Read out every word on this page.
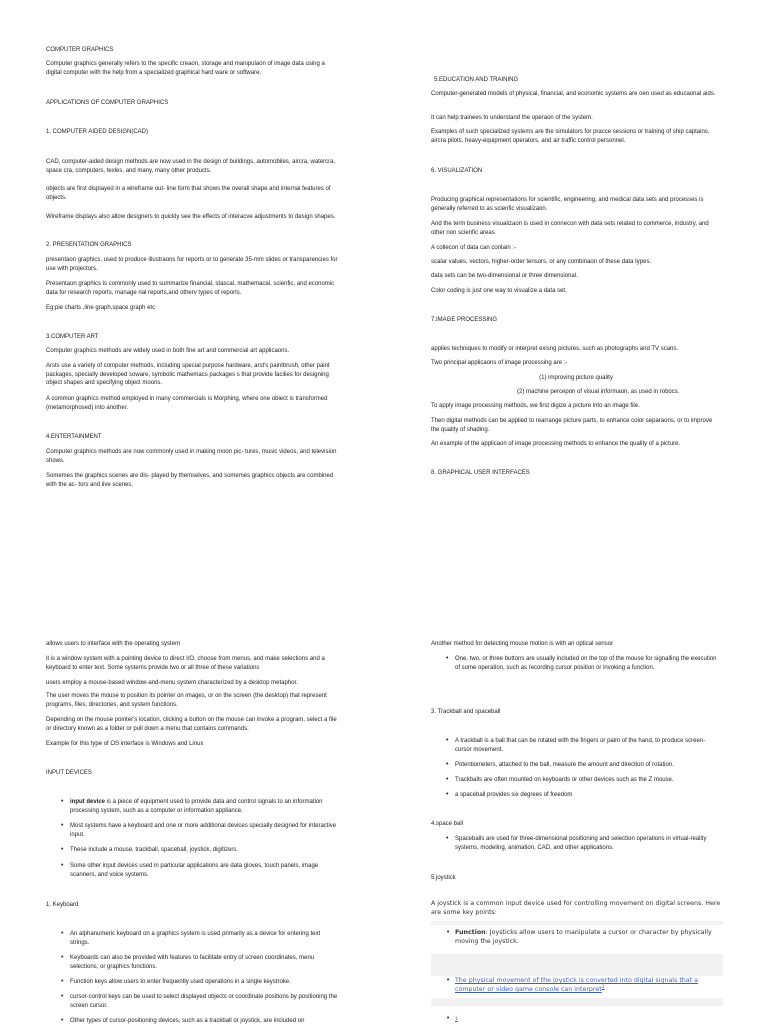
COMPUTER GRAPHICS
Computer graphics generally refers to the specific creaon, storage and manipulaon of image data using a digital computer with the help from a specialized graphical hard ware or software.
APPLICATIONS OF COMPUTER GRAPHICS
1. COMPUTER AIDED DESIGN(CAD)
CAD, computer-aided design methods are now used in the design of buildings, automobiles, aircra, watercra, space cra, computers, texles, and many, many other products.
objects are first displayed in a wireframe out- line form that shows the overall shape and internal features of objects.
Wireframe displays also allow designers to quickly see the effects of interacve adjustments to design shapes.
2. PRESENTATION GRAPHICS
presentaon graphics, used to produce illustraons for reports or to generate 35-mm slides or transparencies for use with projectors.
Presentaon graphics is commonly used to summarize financial, stascal, mathemacal, scienfic, and economic data for research reports, manage rial reports,and otherv types of reports.
Eg:pie charts ,line graph,space graph etc
3.COMPUTER ART
Computer graphics methods are widely used in both fine art and commercial art applicaons.
Arsts use a variety of computer methods, including special purpose hardware, arst's paintbrush, other paint packages, specially developed soware, symbolic mathemacs packages s that provide facilies for designing object shapes and specifying object moons.
A common graphics method employed in many commercials is Morphing, where one obiect is transformed (metamorphosed) into another.
4.ENTERTAINMENT
Computer graphics methods are now commonly used in making moon pic- tures, music videos, and television shows.
Somemes the graphics scenes are dis- played by themselves, and somemes graphics objects are combined with the ac- tors and live scenes.
5.EDUCATION AND TRAINING
Computer-generated models of physical, financial, and economic systems are oen used as educaonal aids.
It can help trainees to understand the operaon of the system.
Examples of such specialized systems are the simulators for pracce sessions or training of ship captains, aircra pilots, heavy-equipment operators, and air traffic control personnel.
6. VISUALIZATION
Producing graphical representations for scientific, engineering, and medical data sets and processes is generally referred to as scienfic visualizaon.
And the term business visualizaon is used in connecon with data sets related to commerce, industry, and other non scienfic areas
A collecon of data can contain :-
scalar values, vectors, higher-order tensors, or any combinaon of these data types.
data sets can be two-dimensional or three dimensional.
Color coding is just one way to visualize a data set.
7.IMAGE PROCESSING
applies techniques to modify or interpret exisng pictures, such as photographs and TV scans.
Two principal applicaons of image processing are :-
(1) improving picture quality
(2) machine percepon of visual informaon, as used in robocs.
To apply image processing methods, we first digize a picture into an image file.
Then digital methods can be applied to rearrange picture parts, to enhance color separaons, or to improve the quality of shading.
An example of the applicaon of image processing methods to enhance the quality of a picture.
8. GRAPHICAL USER INTERFACES
allows users to interface with the operating system
it is a window system with a pointing device to direct I/O, choose from menus, and make selections and a keyboard to enter text. Some systems provide two or all three of these variations
users employ a mouse-based window-and-menu system characterized by a desktop metaphor.
The user moves the mouse to position its pointer on images, or on the screen (the desktop) that represent programs, files, directories, and system functions.
Depending on the mouse pointer's location, clicking a button on the mouse can invoke a program, select a file or directory known as a folder or pull down a menu that contains commands.
Example for this type of OS interface is Windows and Linux
INPUT DEVICES
• input device is a piece of equipment used to provide data and control signals to an information processing system, such as a computer or information appliance.
• Most systems have a keyboard and one or more additional devices specially designed for interactive input.
• These include a mouse, trackball, spaceball, joystick, digitizers.
• Some other input devices used in particular applications are data gloves, touch panels, image scanners, and voice systems.
1. Keyboard
• An alphanumeric keyboard on a graphics system is used primarily as a device for entering text strings.
• Keyboards can also be provided with features to facilitate entry of screen coordinates, menu selections, or graphics functions.
• Function keys allow users to enter frequently used operations in a single keystroke.
• cursor-control keys can be used to select displayed objects or coordinate positions by positioning the screen cursor.
• Other types of cursor-positioning devices, such as a trackball or joystick, are included on
Another method for detecting mouse motion is with an optical sensor
• One, two, or three buttons are usually included on the top of the mouse for signalling the execution of some operation, such as recording cursor position or invoking a function.
3. Trackball and spaceball
• A trackball is a ball that can be rotated with the fingers or palm of the hand, to produce screen-cursor movement.
• Potentiometers, attached to the ball, measure the amount and direction of rotation.
• Trackballs are often mounted on keyboards or other devices such as the Z mouse.
• a spaceball provides six degrees of freedom
4.space ball
• Spaceballs are used for three-dimensional positioning and selection operations in virtual-reality systems, modeling, animation, CAD, and other applications.
5.joystick

A joystick is a common input device used for controlling movement on digital screens. Here are some key points:

• Function: Joysticks allow users to manipulate a cursor or character by physically moving the joystick.
• The physical movement of the joystick is converted into digital signals that a computer or video game console can interpret$^1$
• 1
